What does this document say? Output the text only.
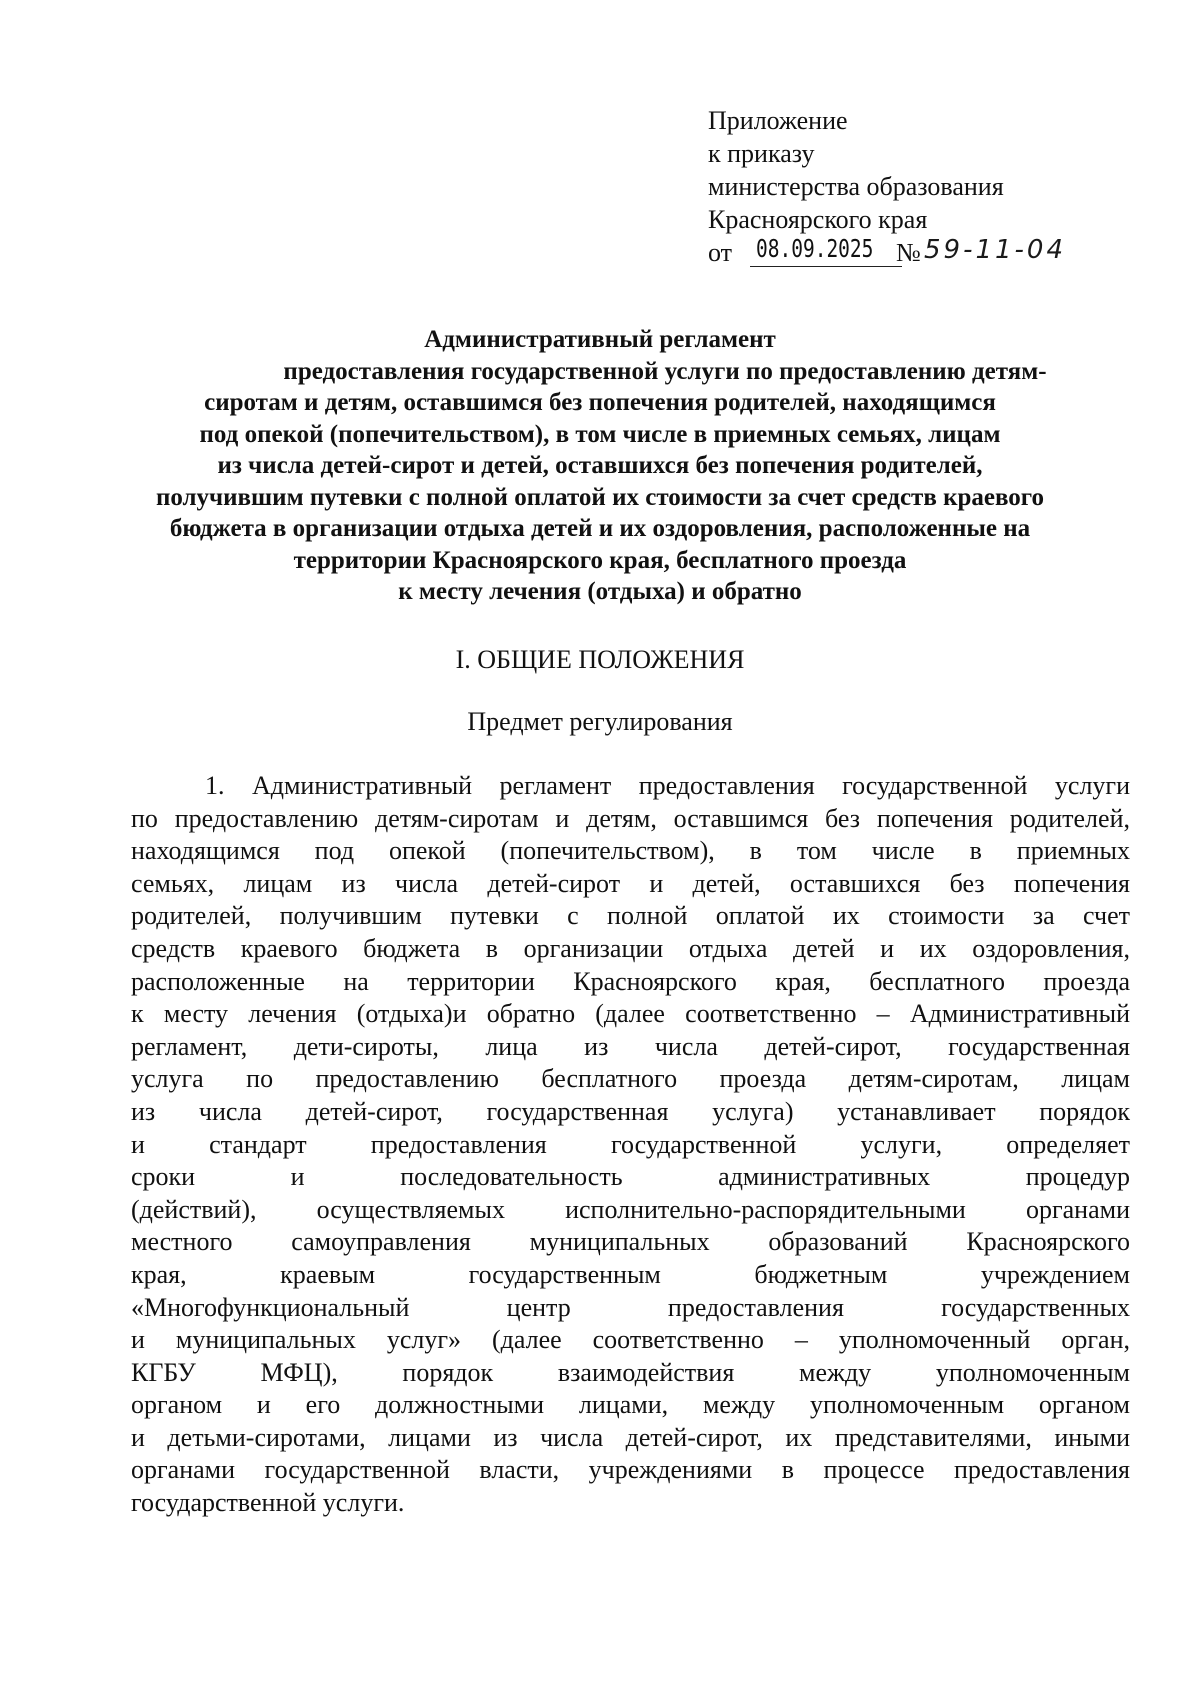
Приложение
к приказу
министерства образования
Красноярского края
от 08.09.2025 № 59-11-04
Административный регламент
предоставления государственной услуги по предоставлению детям-
сиротам и детям, оставшимся без попечения родителей, находящимся
под опекой (попечительством), в том числе в приемных семьях, лицам
из числа детей-сирот и детей, оставшихся без попечения родителей,
получившим путевки с полной оплатой их стоимости за счет средств краевого
бюджета в организации отдыха детей и их оздоровления, расположенные на
территории Красноярского края, бесплатного проезда
к месту лечения (отдыха) и обратно
I. ОБЩИЕ ПОЛОЖЕНИЯ
Предмет регулирования
1. Административный регламент предоставления государственной услуги
по предоставлению детям-сиротам и детям, оставшимся без попечения родителей,
находящимся под опекой (попечительством), в том числе в приемных
семьях, лицам из числа детей-сирот и детей, оставшихся без попечения
родителей, получившим путевки с полной оплатой их стоимости за счет
средств краевого бюджета в организации отдыха детей и их оздоровления,
расположенные на территории Красноярского края, бесплатного проезда
к месту лечения (отдыха)и обратно (далее соответственно – Административный
регламент, дети-сироты, лица из числа детей-сирот, государственная
услуга по предоставлению бесплатного проезда детям-сиротам, лицам
из числа детей-сирот, государственная услуга) устанавливает порядок
и стандарт предоставления государственной услуги, определяет
сроки и последовательность административных процедур
(действий), осуществляемых исполнительно-распорядительными органами
местного самоуправления муниципальных образований Красноярского
края, краевым государственным бюджетным учреждением
«Многофункциональный центр предоставления государственных
и муниципальных услуг» (далее соответственно – уполномоченный орган,
КГБУ МФЦ), порядок взаимодействия между уполномоченным
органом и его должностными лицами, между уполномоченным органом
и детьми-сиротами, лицами из числа детей-сирот, их представителями, иными
органами государственной власти, учреждениями в процессе предоставления
государственной услуги.
